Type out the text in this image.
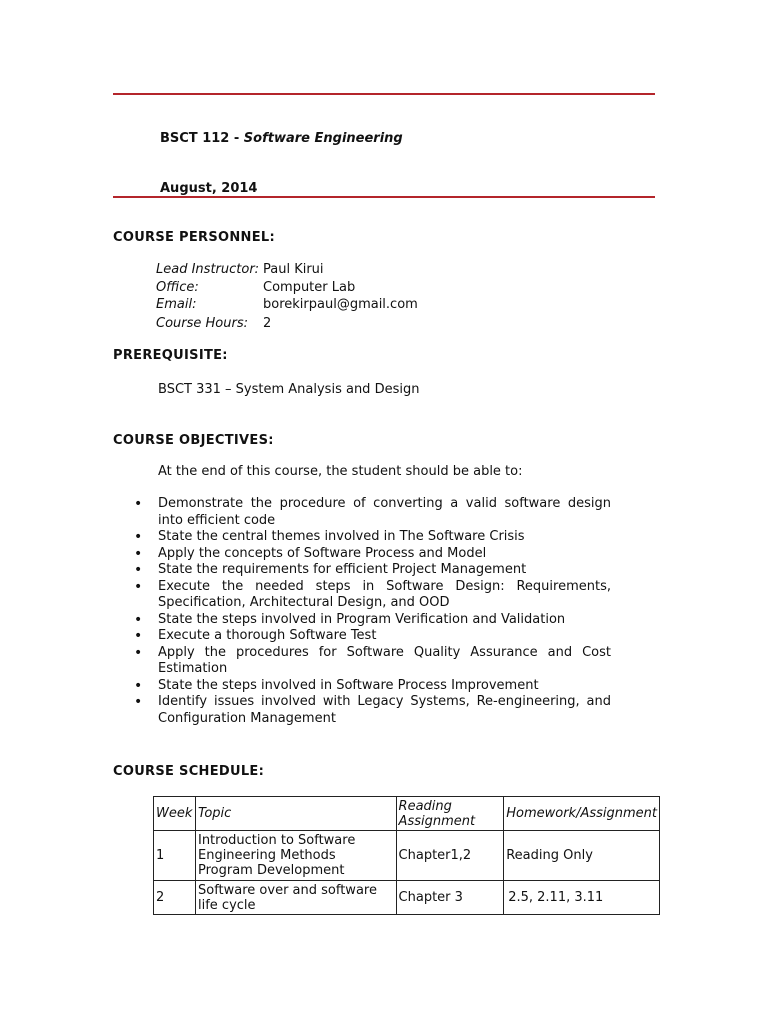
BSCT 112 - Software Engineering
August, 2014
COURSE PERSONNEL:
Lead Instructor: Paul Kirui
Office:	Computer Lab
Email:	borekirpaul@gmail.com
Course Hours: 2
PREREQUISITE:
BSCT 331 – System Analysis and Design
COURSE OBJECTIVES:
At the end of this course, the student should be able to:
• Demonstrate the procedure of converting a valid software design into efficient code
• State the central themes involved in The Software Crisis
• Apply the concepts of Software Process and Model
• State the requirements for efficient Project Management
• Execute the needed steps in Software Design: Requirements, Specification, Architectural Design, and OOD
• State the steps involved in Program Verification and Validation
• Execute a thorough Software Test
• Apply the procedures for Software Quality Assurance and Cost Estimation
• State the steps involved in Software Process Improvement
• Identify issues involved with Legacy Systems, Re-engineering, and Configuration Management
COURSE SCHEDULE:
Week	Topic	Reading Assignment	Homework/Assignment
1	Introduction to Software Engineering Methods Program Development	Chapter1,2	Reading Only
2	Software over and software life cycle	Chapter 3	2.5, 2.11, 3.11
